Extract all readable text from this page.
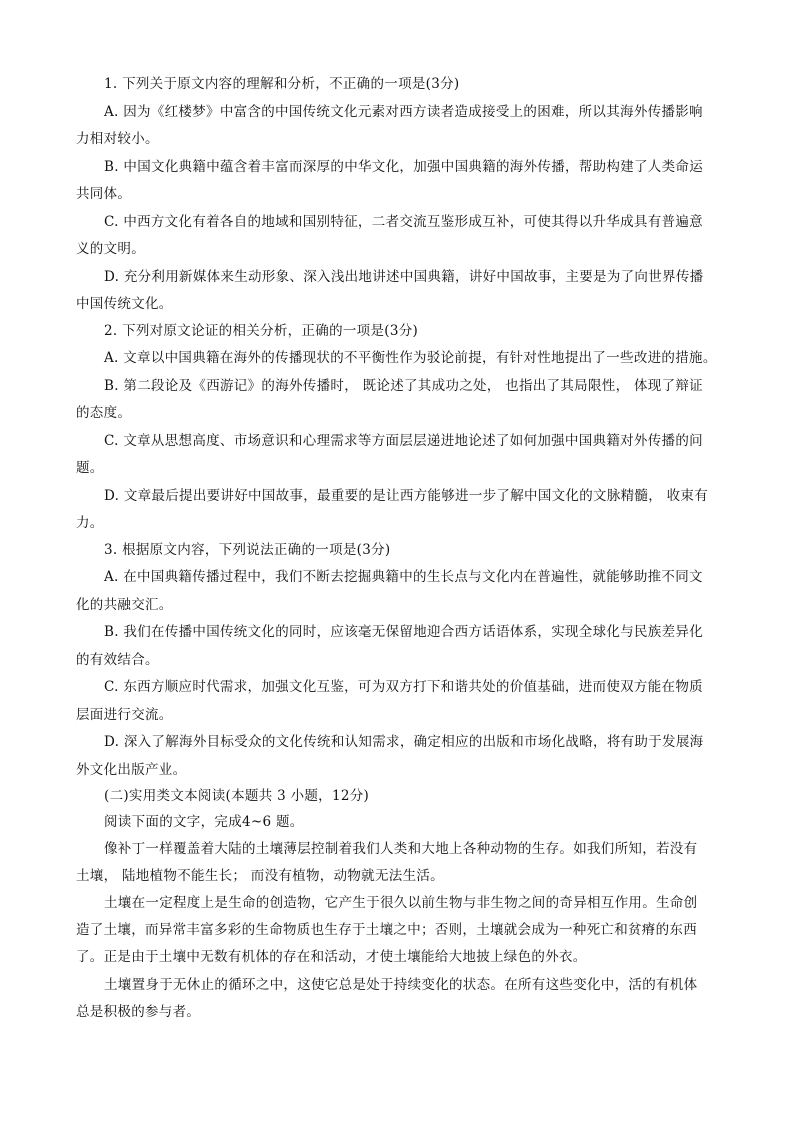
1. 下列关于原文内容的理解和分析，不正确的一项是(3分)
A. 因为《红楼梦》中富含的中国传统文化元素对西方读者造成接受上的困难，所以其海外传播影响
力相对较小。
B. 中国文化典籍中蕴含着丰富而深厚的中华文化，加强中国典籍的海外传播，帮助构建了人类命运
共同体。
C. 中西方文化有着各自的地域和国别特征，二者交流互鉴形成互补，可使其得以升华成具有普遍意
义的文明。
D. 充分利用新媒体来生动形象、深入浅出地讲述中国典籍，讲好中国故事，主要是为了向世界传播
中国传统文化。
2. 下列对原文论证的相关分析，正确的一项是(3分)
A. 文章以中国典籍在海外的传播现状的不平衡性作为驳论前提，有针对性地提出了一些改进的措施。
B. 第二段论及《西游记》的海外传播时， 既论述了其成功之处， 也指出了其局限性， 体现了辩证
的态度。
C. 文章从思想高度、市场意识和心理需求等方面层层递进地论述了如何加强中国典籍对外传播的问
题。
D. 文章最后提出要讲好中国故事，最重要的是让西方能够进一步了解中国文化的文脉精髓， 收束有
力。
3. 根据原文内容，下列说法正确的一项是(3分)
A. 在中国典籍传播过程中，我们不断去挖掘典籍中的生长点与文化内在普遍性，就能够助推不同文
化的共融交汇。
B. 我们在传播中国传统文化的同时，应该毫无保留地迎合西方话语体系，实现全球化与民族差异化
的有效结合。
C. 东西方顺应时代需求，加强文化互鉴，可为双方打下和谐共处的价值基础，进而使双方能在物质
层面进行交流。
D. 深入了解海外目标受众的文化传统和认知需求，确定相应的出版和市场化战略，将有助于发展海
外文化出版产业。
(二)实用类文本阅读(本题共 3 小题，12分)
阅读下面的文字，完成4~6 题。
像补丁一样覆盖着大陆的土壤薄层控制着我们人类和大地上各种动物的生存。如我们所知，若没有
土壤， 陆地植物不能生长； 而没有植物，动物就无法生活。
土壤在一定程度上是生命的创造物，它产生于很久以前生物与非生物之间的奇异相互作用。生命创
造了土壤，而异常丰富多彩的生命物质也生存于土壤之中；否则，土壤就会成为一种死亡和贫瘠的东西
了。正是由于土壤中无数有机体的存在和活动，才使土壤能给大地披上绿色的外衣。
土壤置身于无休止的循环之中，这使它总是处于持续变化的状态。在所有这些变化中，活的有机体
总是积极的参与者。
